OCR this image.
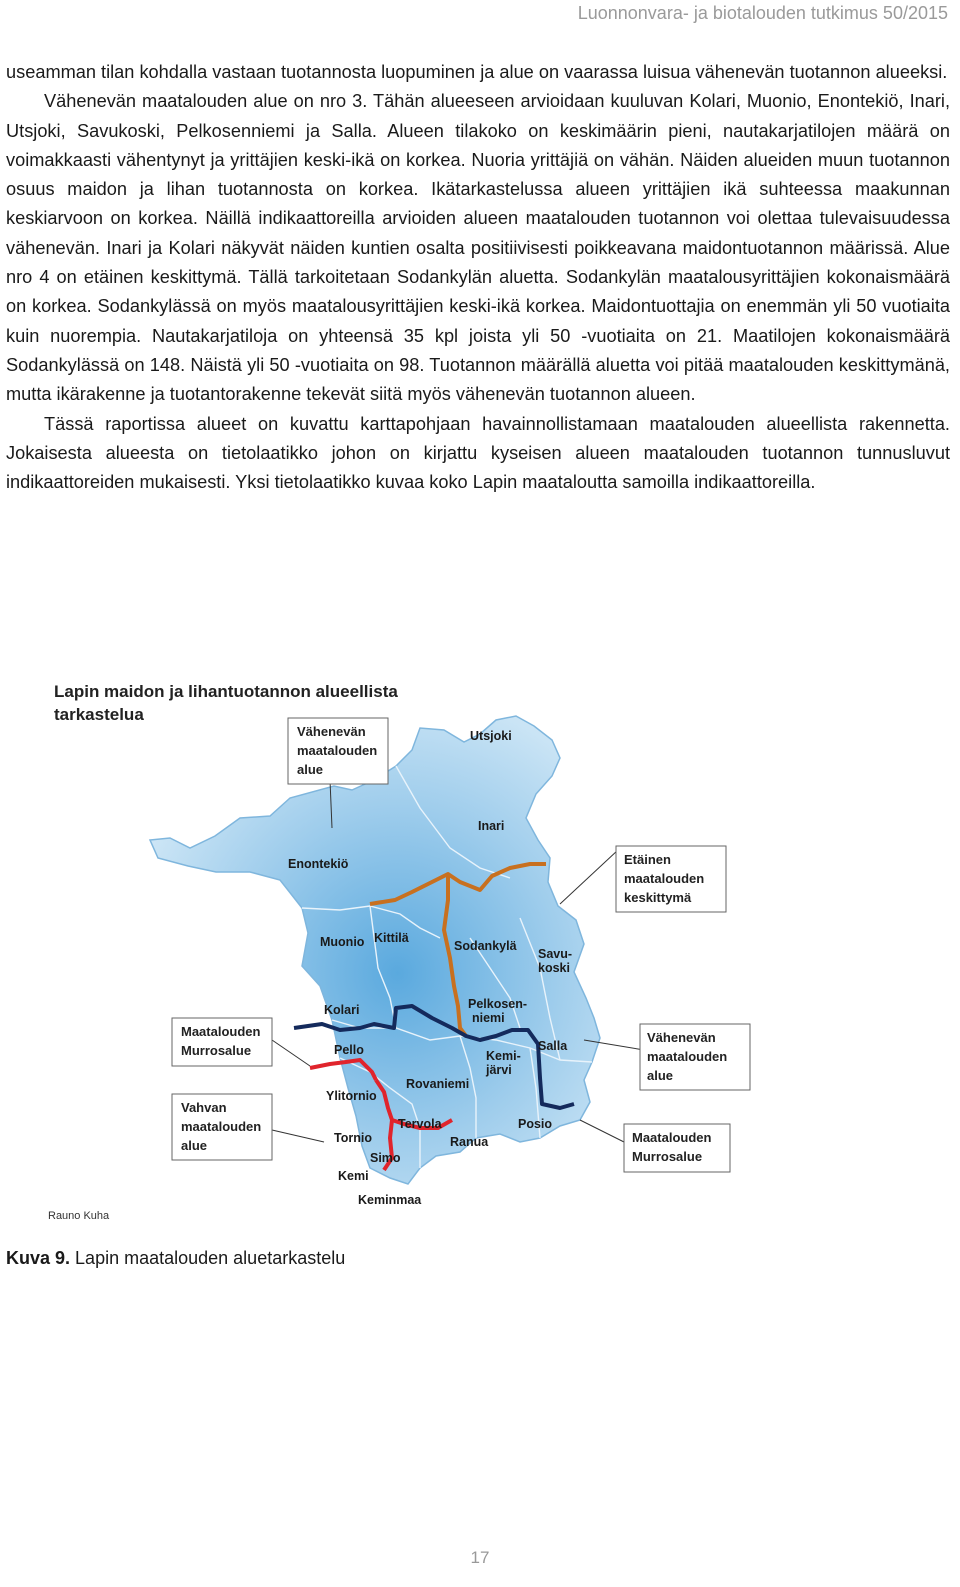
Luonnonvara- ja biotalouden tutkimus 50/2015

useamman tilan kohdalla vastaan tuotannosta luopuminen ja alue on vaarassa luisua vähenevän tuotannon alueeksi.

Vähenevän maatalouden alue on nro 3. Tähän alueeseen arvioidaan kuuluvan Kolari, Muonio, Enontekiö, Inari, Utsjoki, Savukoski, Pelkosenniemi ja Salla. Alueen tilakoko on keskimäärin pieni, nautakarjatilojen määrä on voimakkaasti vähentynyt ja yrittäjien keski-ikä on korkea. Nuoria yrittäjiä on vähän. Näiden alueiden muun tuotannon osuus maidon ja lihan tuotannosta on korkea. Ikätarkastelussa alueen yrittäjien ikä suhteessa maakunnan keskiarvoon on korkea. Näillä indikaattoreilla arvioiden alueen maatalouden tuotannon voi olettaa tulevaisuudessa vähenevän. Inari ja Kolari näkyvät näiden kuntien osalta positiivisesti poikkeavana maidontuotannon määrissä. Alue nro 4 on etäinen keskittymä. Tällä tarkoitetaan Sodankylän aluetta. Sodankylän maatalousyrittäjien kokonaismäärä on korkea. Sodankylässä on myös maatalousyrittäjien keski-ikä korkea. Maidontuottajia on enemmän yli 50 vuotiaita kuin nuorempia. Nautakarjatiloja on yhteensä 35 kpl joista yli 50 -vuotiaita on 21. Maatilojen kokonaismäärä Sodankylässä on 148. Näistä yli 50 -vuotiaita on 98. Tuotannon määrällä aluetta voi pitää maatalouden keskittymänä, mutta ikärakenne ja tuotantorakenne tekevät siitä myös vähenevän tuotannon alueen.

Tässä raportissa alueet on kuvattu karttapohjaan havainnollistamaan maatalouden alueellista rakennetta. Jokaisesta alueesta on tietolaatikko johon on kirjattu kyseisen alueen maatalouden tuotannon tunnusluvut indikaattoreiden mukaisesti. Yksi tietolaatikko kuvaa koko Lapin maataloutta samoilla indikaattoreilla.

Vähenevän
maatalouden
alue
Etäinen
maatalouden
keskittymä
Maatalouden
Murrosalue
Vahvan
maatalouden
alue
Vähenevän
maatalouden
alue
Maatalouden
Murrosalue
Utsjoki
Inari
Enontekiö
Muonio Kittilä
Sodankylä
Savu-
koski
Pelkosen-
niemi
Kolari
Pello	Salla
Kemi-
järvi
Rovaniemi
Ylitornio
Tervola	Posio
Tornio	Ranua
Simo
Kemi
Keminmaa
Lapin maidon ja lihantuotannon alueellista tarkastelua
Rauno Kuha
Kuva 9. Lapin maatalouden aluetarkastelu
17
